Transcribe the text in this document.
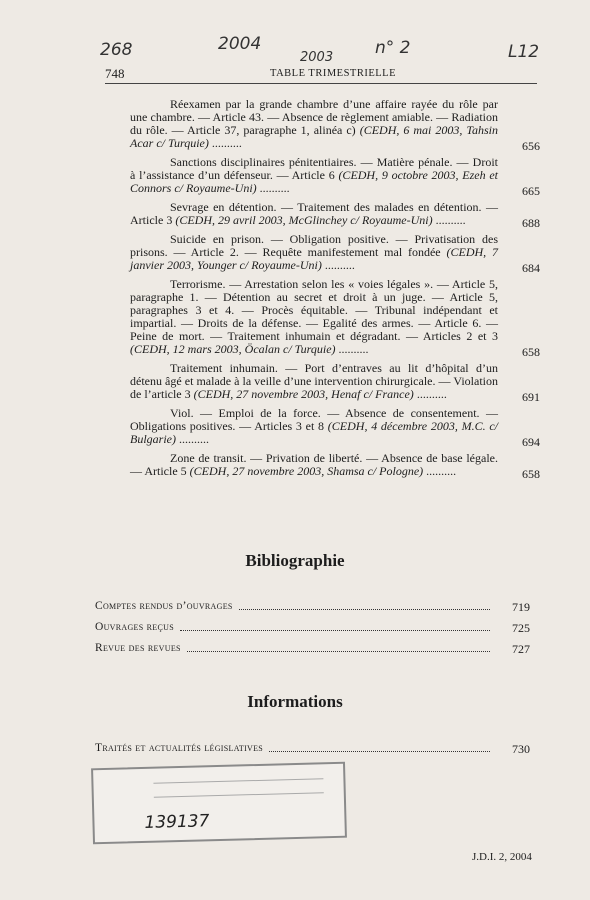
268	2004
2003 n° 2	L12
748	TABLE TRIMESTRIELLE
Réexamen par la grande chambre d’une affaire rayée du rôle par une chambre. — Article 43. — Absence de règlement amiable. — Radiation du rôle. — Article 37, paragraphe 1, alinéa c) (CEDH, 6 mai 2003, Tahsin Acar c/ Turquie) ..........	656
Sanctions disciplinaires pénitentiaires. — Matière pénale. — Droit à l’assistance d’un défenseur. — Article 6 (CEDH, 9 octobre 2003, Ezeh et Connors c/ Royaume-Uni) ..........	665
Sevrage en détention. — Traitement des malades en détention. — Article 3 (CEDH, 29 avril 2003, McGlinchey c/ Royaume-Uni) ..........	688
Suicide en prison. — Obligation positive. — Privatisation des prisons. — Article 2. — Requête manifestement mal fondée (CEDH, 7 janvier 2003, Younger c/ Royaume-Uni) ..........	684
Terrorisme. — Arrestation selon les « voies légales ». — Article 5, paragraphe 1. — Détention au secret et droit à un juge. — Article 5, paragraphes 3 et 4. — Procès équitable. — Tribunal indépendant et impartial. — Droits de la défense. — Egalité des armes. — Article 6. — Peine de mort. — Traitement inhumain et dégradant. — Articles 2 et 3 (CEDH, 12 mars 2003, Öcalan c/ Turquie) ..........	658
Traitement inhumain. — Port d’entraves au lit d’hôpital d’un détenu âgé et malade à la veille d’une intervention chirurgicale. — Violation de l’article 3 (CEDH, 27 novembre 2003, Henaf c/ France) ..........	691
Viol. — Emploi de la force. — Absence de consentement. — Obligations positives. — Articles 3 et 8 (CEDH, 4 décembre 2003, M.C. c/ Bulgarie) ..........	694
Zone de transit. — Privation de liberté. — Absence de base légale. — Article 5 (CEDH, 27 novembre 2003, Shamsa c/ Pologne) ..........	658
Bibliographie
Comptes rendus d’ouvrages	719
Ouvrages reçus	725
Revue des revues	727
Informations
Traités et actualités législatives	730
139137
J.D.I. 2, 2004
